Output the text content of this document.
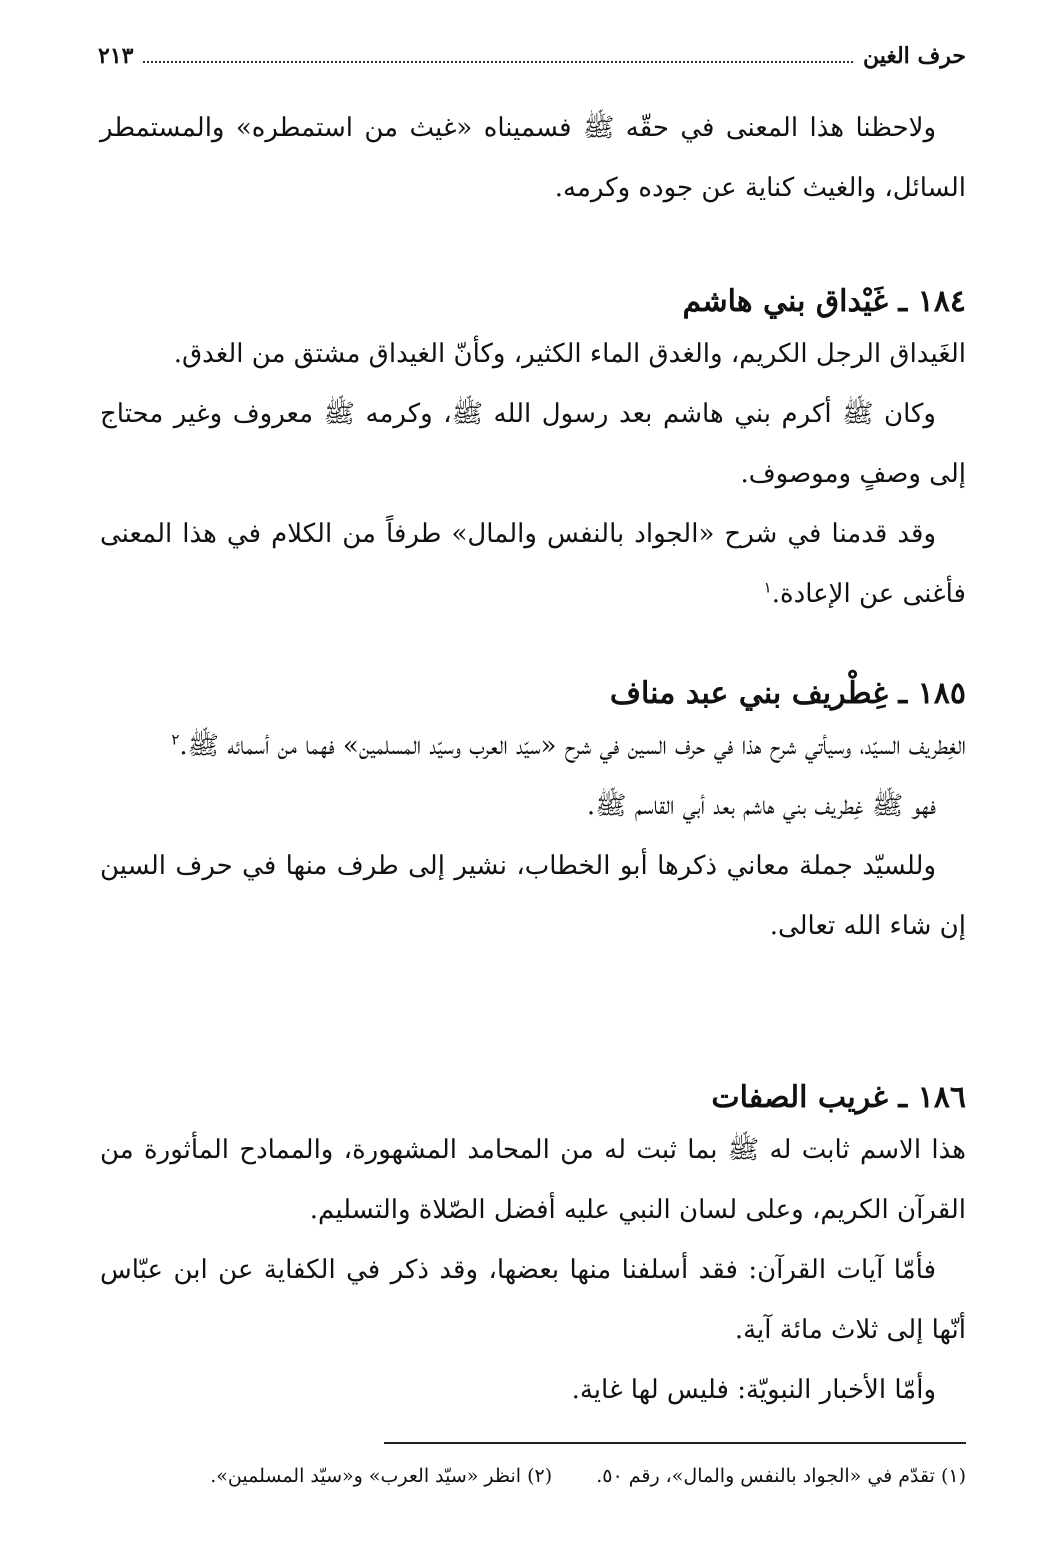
حرف الغين
٢١٣

ولاحظنا هذا المعنى في حقّه ﷺ فسميناه «غيث من استمطره» والمستمطر السائل، والغيث كناية عن جوده وكرمه.

١٨٤ ـ غَيْداق بني هاشم

الغَيداق الرجل الكريم، والغدق الماء الكثير، وكأنّ الغيداق مشتق من الغدق.

وكان ﷺ أكرم بني هاشم بعد رسول الله ﷺ، وكرمه ﷺ معروف وغير محتاج إلى وصفٍ وموصوف.

وقد قدمنا في شرح «الجواد بالنفس والمال» طرفاً من الكلام في هذا المعنى فأغنى عن الإعادة.$^١$

١٨٥ ـ غِطْريف بني عبد مناف

الغِطريف السيّد، وسيأتي شرح هذا في حرف السين في شرح «سيّد العرب وسيّد المسلمين» فهما من أسمائه ﷺ.$^٢$

فهو ﷺ غِطريف بني هاشم بعد أبي القاسم ﷺ.

وللسيّد جملة معاني ذكرها أبو الخطاب، نشير إلى طرف منها في حرف السين إن شاء الله تعالى.

١٨٦ ـ غريب الصفات

هذا الاسم ثابت له ﷺ بما ثبت له من المحامد المشهورة، والممادح المأثورة من القرآن الكريم، وعلى لسان النبي عليه أفضل الصّلاة والتسليم.

فأمّا آيات القرآن: فقد أسلفنا منها بعضها، وقد ذكر في الكفاية عن ابن عبّاس أنّها إلى ثلاث مائة آية.

وأمّا الأخبار النبويّة: فليس لها غاية.

(١) تقدّم في «الجواد بالنفس والمال»، رقم ٥٠. (٢) انظر «سيّد العرب» و«سيّد المسلمين».
